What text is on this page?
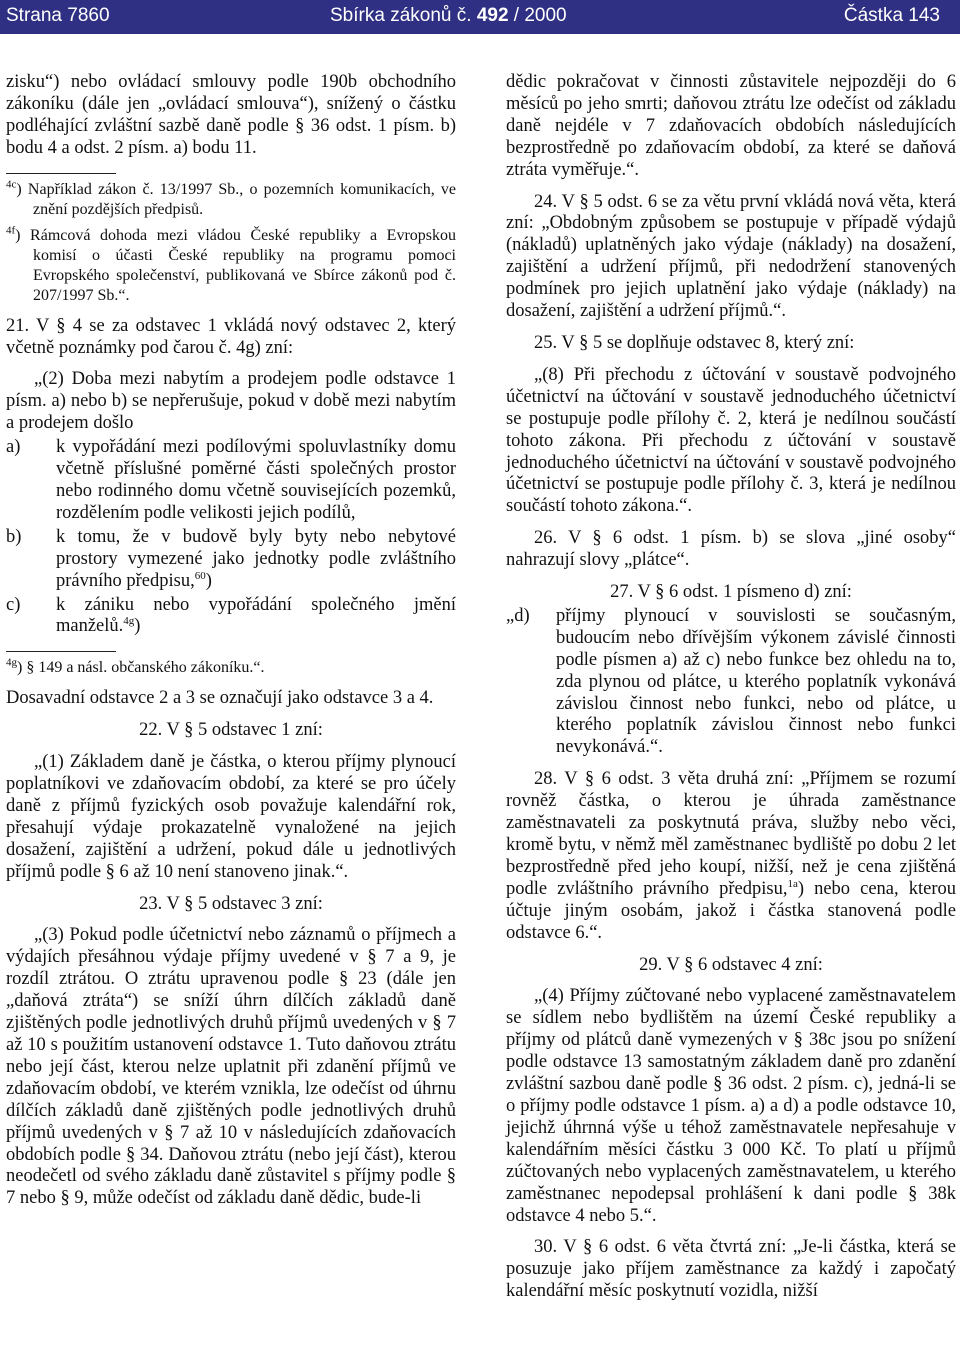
Strana 7860	Sbírka zákonů č. 492 / 2000	Částka 143

zisku“) nebo ovládací smlouvy podle 190b obchodního zákoníku (dále jen „ovládací smlouva“), snížený o částku podléhající zvláštní sazbě daně podle § 36 odst. 1 písm. b) bodu 4 a odst. 2 písm. a) bodu 11.

$^{4c}$) Například zákon č. 13/1997 Sb., o pozemních komunikacích, ve znění pozdějších předpisů.

$^{4f}$) Rámcová dohoda mezi vládou České republiky a Evropskou komisí o účasti České republiky na programu pomoci Evropského společenství, publikovaná ve Sbírce zákonů pod č. 207/1997 Sb.“.

21. V § 4 se za odstavec 1 vkládá nový odstavec 2, který včetně poznámky pod čarou č. 4g) zní:

„(2) Doba mezi nabytím a prodejem podle odstavce 1 písm. a) nebo b) se nepřerušuje, pokud v době mezi nabytím a prodejem došlo

a)	k vypořádání mezi podílovými spoluvlastníky domu včetně příslušné poměrné části společných prostor nebo rodinného domu včetně souvisejících pozemků, rozdělením podle velikosti jejich podílů,
b)	k tomu, že v budově byly byty nebo nebytové prostory vymezené jako jednotky podle zvláštního právního předpisu,$^{60}$)
c)	k zániku nebo vypořádání společného jmění manželů.$^{4g}$)

$^{4g}$) § 149 a násl. občanského zákoníku.“.

Dosavadní odstavce 2 a 3 se označují jako odstavce 3 a 4.

22. V § 5 odstavec 1 zní:

„(1) Základem daně je částka, o kterou příjmy plynoucí poplatníkovi ve zdaňovacím období, za které se pro účely daně z příjmů fyzických osob považuje kalendářní rok, přesahují výdaje prokazatelně vynaložené na jejich dosažení, zajištění a udržení, pokud dále u jednotlivých příjmů podle § 6 až 10 není stanoveno jinak.“.

23. V § 5 odstavec 3 zní:

„(3) Pokud podle účetnictví nebo záznamů o příjmech a výdajích přesáhnou výdaje příjmy uvedené v § 7 a 9, je rozdíl ztrátou. O ztrátu upravenou podle § 23 (dále jen „daňová ztráta“) se sníží úhrn dílčích základů daně zjištěných podle jednotlivých druhů příjmů uvedených v § 7 až 10 s použitím ustanovení odstavce 1. Tuto daňovou ztrátu nebo její část, kterou nelze uplatnit při zdanění příjmů ve zdaňovacím období, ve kterém vznikla, lze odečíst od úhrnu dílčích základů daně zjištěných podle jednotlivých druhů příjmů uvedených v § 7 až 10 v následujících zdaňovacích obdobích podle § 34. Daňovou ztrátu (nebo její část), kterou neodečetl od svého základu daně zůstavitel s příjmy podle § 7 nebo § 9, může odečíst od základu daně dědic, bude-li

dědic pokračovat v činnosti zůstavitele nejpozději do 6 měsíců po jeho smrti; daňovou ztrátu lze odečíst od základu daně nejdéle v 7 zdaňovacích obdobích následujících bezprostředně po zdaňovacím období, za které se daňová ztráta vyměřuje.“.

24. V § 5 odst. 6 se za větu první vkládá nová věta, která zní: „Obdobným způsobem se postupuje v případě výdajů (nákladů) uplatněných jako výdaje (náklady) na dosažení, zajištění a udržení příjmů, při nedodržení stanovených podmínek pro jejich uplatnění jako výdaje (náklady) na dosažení, zajištění a udržení příjmů.“.

25. V § 5 se doplňuje odstavec 8, který zní:

„(8) Při přechodu z účtování v soustavě podvojného účetnictví na účtování v soustavě jednoduchého účetnictví se postupuje podle přílohy č. 2, která je nedílnou součástí tohoto zákona. Při přechodu z účtování v soustavě jednoduchého účetnictví na účtování v soustavě podvojného účetnictví se postupuje podle přílohy č. 3, která je nedílnou součástí tohoto zákona.“.

26. V § 6 odst. 1 písm. b) se slova „jiné osoby“ nahrazují slovy „plátce“.

27. V § 6 odst. 1 písmeno d) zní:

„d)	příjmy plynoucí v souvislosti se současným, budoucím nebo dřívějším výkonem závislé činnosti podle písmen a) až c) nebo funkce bez ohledu na to, zda plynou od plátce, u kterého poplatník vykonává závislou činnost nebo funkci, nebo od plátce, u kterého poplatník závislou činnost nebo funkci nevykonává.“.

28. V § 6 odst. 3 věta druhá zní: „Příjmem se rozumí rovněž částka, o kterou je úhrada zaměstnance zaměstnavateli za poskytnutá práva, služby nebo věci, kromě bytu, v němž měl zaměstnanec bydliště po dobu 2 let bezprostředně před jeho koupí, nižší, než je cena zjištěná podle zvláštního právního předpisu,$^{1a}$) nebo cena, kterou účtuje jiným osobám, jakož i částka stanovená podle odstavce 6.“.

29. V § 6 odstavec 4 zní:

„(4) Příjmy zúčtované nebo vyplacené zaměstnavatelem se sídlem nebo bydlištěm na území České republiky a příjmy od plátců daně vymezených v § 38c jsou po snížení podle odstavce 13 samostatným základem daně pro zdanění zvláštní sazbou daně podle § 36 odst. 2 písm. c), jedná-li se o příjmy podle odstavce 1 písm. a) a d) a podle odstavce 10, jejichž úhrnná výše u téhož zaměstnavatele nepřesahuje v kalendářním měsíci částku 3 000 Kč. To platí u příjmů zúčtovaných nebo vyplacených zaměstnavatelem, u kterého zaměstnanec nepodepsal prohlášení k dani podle § 38k odstavce 4 nebo 5.“.

30. V § 6 odst. 6 věta čtvrtá zní: „Je-li částka, která se posuzuje jako příjem zaměstnance za každý i započatý kalendářní měsíc poskytnutí vozidla, nižší
